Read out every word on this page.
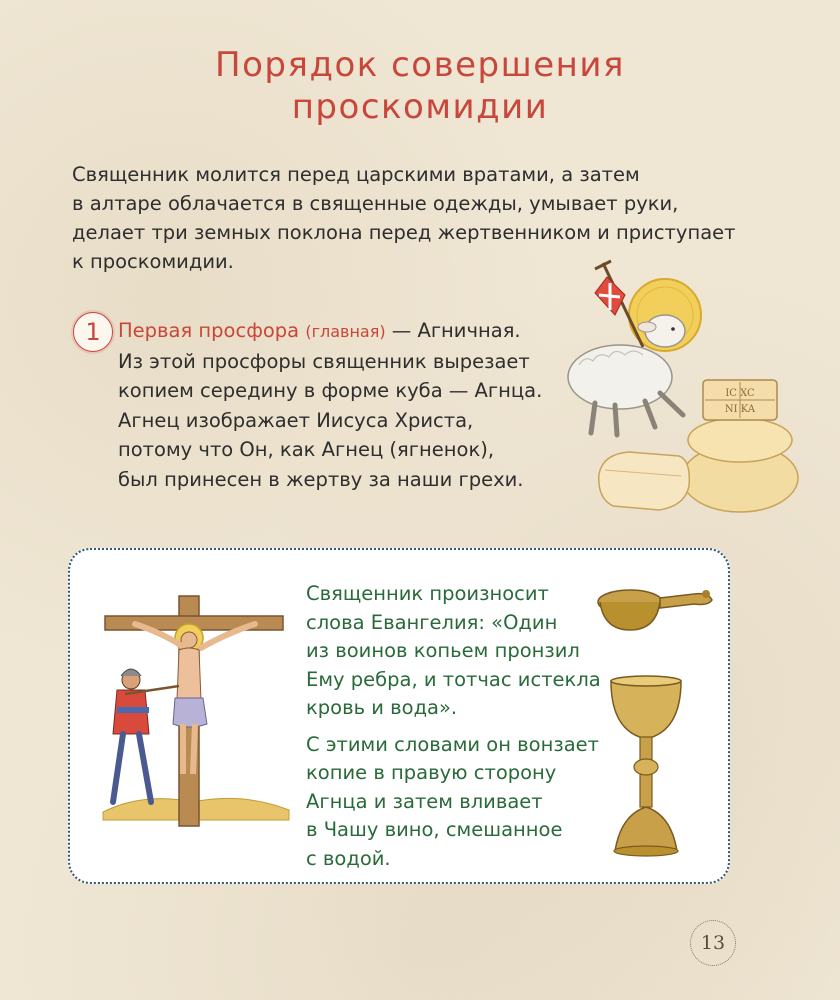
Порядок совершения
проскомидии
Священник молится перед царскими вратами, а затем
в алтаре облачается в священные одежды, умывает руки,
делает три земных поклона перед жертвенником и приступает
к проскомидии.
1 Первая просфора (главная) — Агничная.
Из этой просфоры священник вырезает
копием середину в форме куба — Агнца.
Агнец изображает Иисуса Христа,
потому что Он, как Агнец (ягненок),
был принесен в жертву за наши грехи.
IC XC
NI KA
Священник произносит
слова Евангелия: «Один
из воинов копьем пронзил
Ему ребра, и тотчас истекла
кровь и вода».
С этими словами он вонзает
копие в правую сторону
Агнца и затем вливает
в Чашу вино, смешанное
с водой.
13
